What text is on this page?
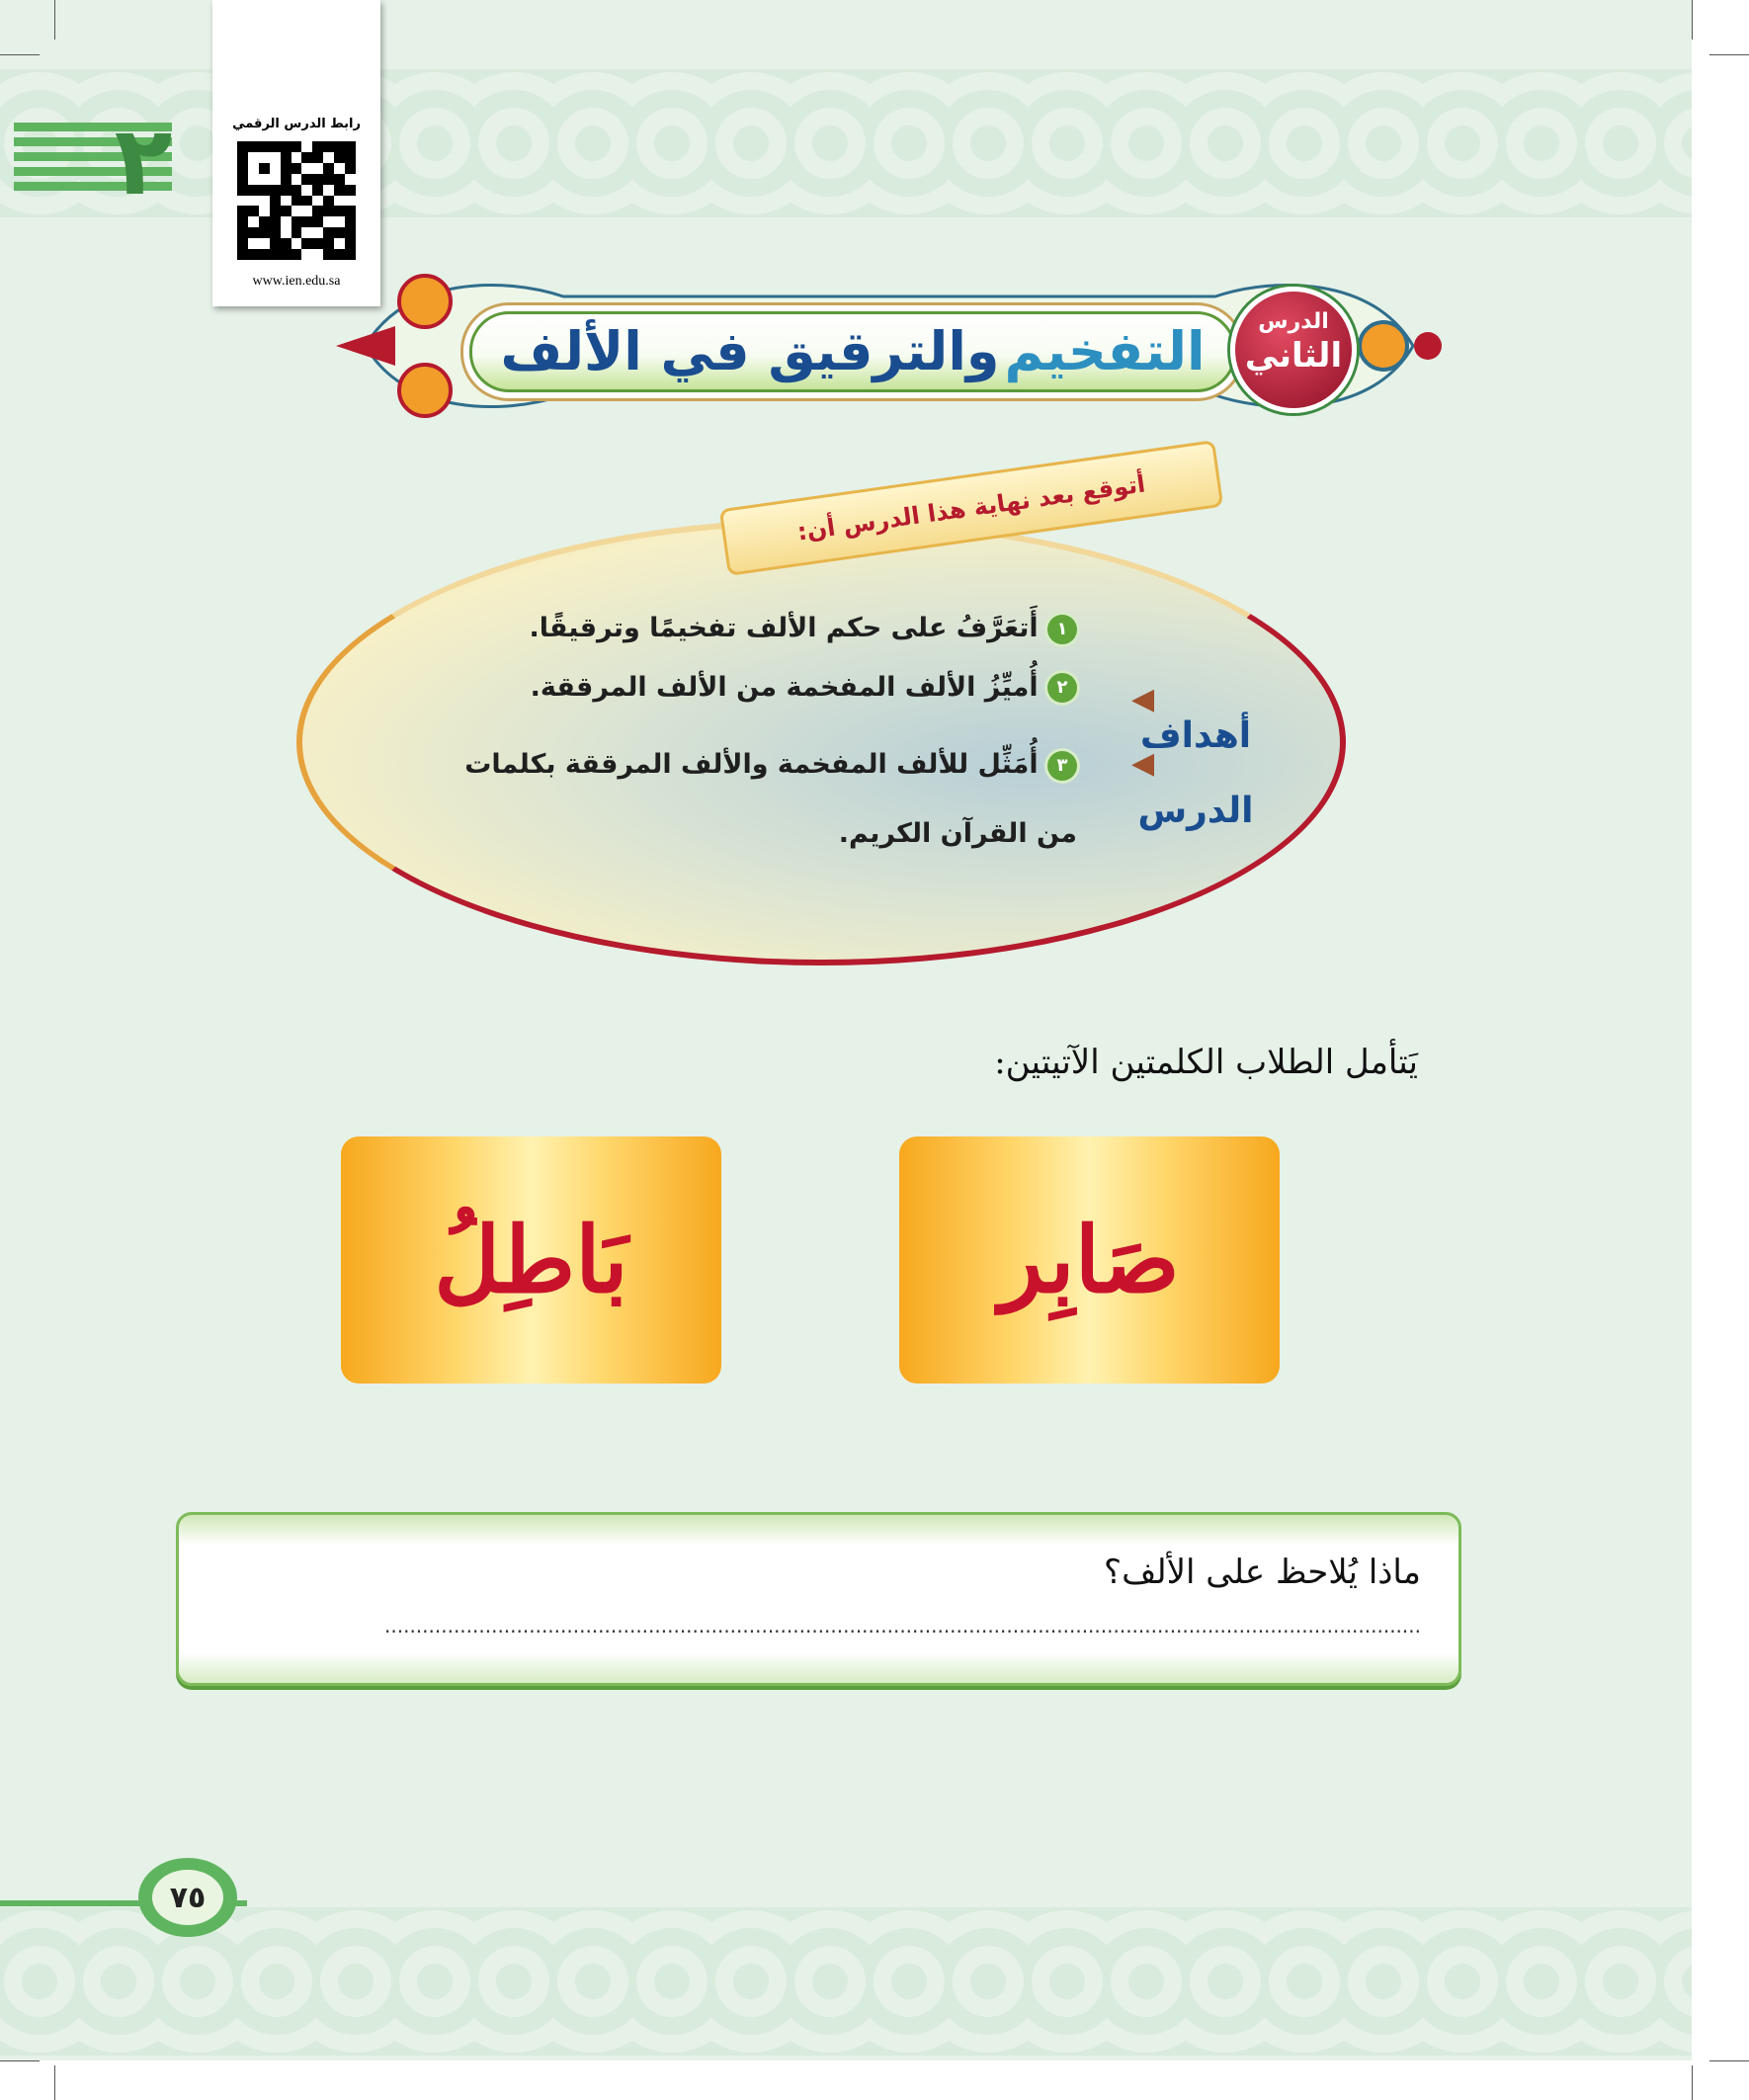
٢	رابط الدرس الرقمي
www.ien.edu.sa
التفخيم والترقيق في الألف	الدرس
الثاني
أتوقع بعد نهاية هذا الدرس أن:
أهداف الدرس
◀
◀
١ أَتعَرَّفُ على حكم الألف تفخيمًا وترقيقًا.
٢ أُميِّزُ الألف المفخمة من الألف المرققة.
٣ أُمَثِّل للألف المفخمة والألف المرققة بكلمات من القرآن الكريم.
يَتأمل الطلاب الكلمتين الآتيتين:
صَابِر
بَاطِلُ
ماذا يُلاحظ على الألف؟
.....................................................................................................................................................................
٧٥
